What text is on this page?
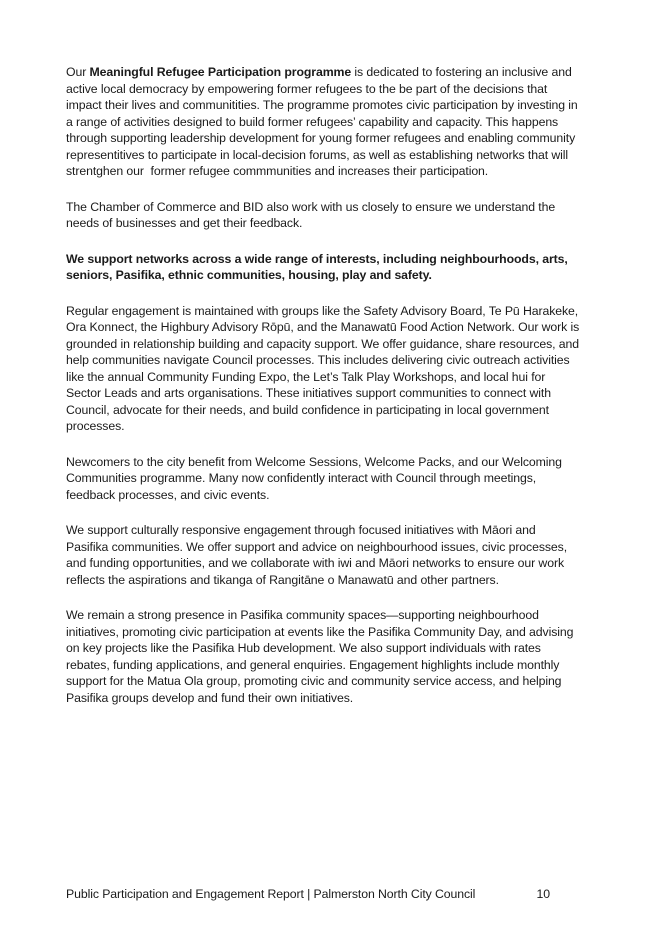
Our Meaningful Refugee Participation programme is dedicated to fostering an inclusive and active local democracy by empowering former refugees to the be part of the decisions that impact their lives and communitities. The programme promotes civic participation by investing in a range of activities designed to build former refugees’ capability and capacity. This happens through supporting leadership development for young former refugees and enabling community representitives to participate in local-decision forums, as well as establishing networks that will strentghen our  former refugee commmunities and increases their participation.

The Chamber of Commerce and BID also work with us closely to ensure we understand the needs of businesses and get their feedback.

We support networks across a wide range of interests, including neighbourhoods, arts, seniors, Pasifika, ethnic communities, housing, play and safety.

Regular engagement is maintained with groups like the Safety Advisory Board, Te Pū Harakeke, Ora Konnect, the Highbury Advisory Rōpū, and the Manawatū Food Action Network. Our work is grounded in relationship building and capacity support. We offer guidance, share resources, and help communities navigate Council processes. This includes delivering civic outreach activities like the annual Community Funding Expo, the Let’s Talk Play Workshops, and local hui for Sector Leads and arts organisations. These initiatives support communities to connect with Council, advocate for their needs, and build confidence in participating in local government processes.

Newcomers to the city benefit from Welcome Sessions, Welcome Packs, and our Welcoming Communities programme. Many now confidently interact with Council through meetings, feedback processes, and civic events.

We support culturally responsive engagement through focused initiatives with Māori and Pasifika communities. We offer support and advice on neighbourhood issues, civic processes, and funding opportunities, and we collaborate with iwi and Māori networks to ensure our work reflects the aspirations and tikanga of Rangitāne o Manawatū and other partners.

We remain a strong presence in Pasifika community spaces—supporting neighbourhood initiatives, promoting civic participation at events like the Pasifika Community Day, and advising on key projects like the Pasifika Hub development. We also support individuals with rates rebates, funding applications, and general enquiries. Engagement highlights include monthly support for the Matua Ola group, promoting civic and community service access, and helping Pasifika groups develop and fund their own initiatives.

Public Participation and Engagement Report | Palmerston North City Council	10
